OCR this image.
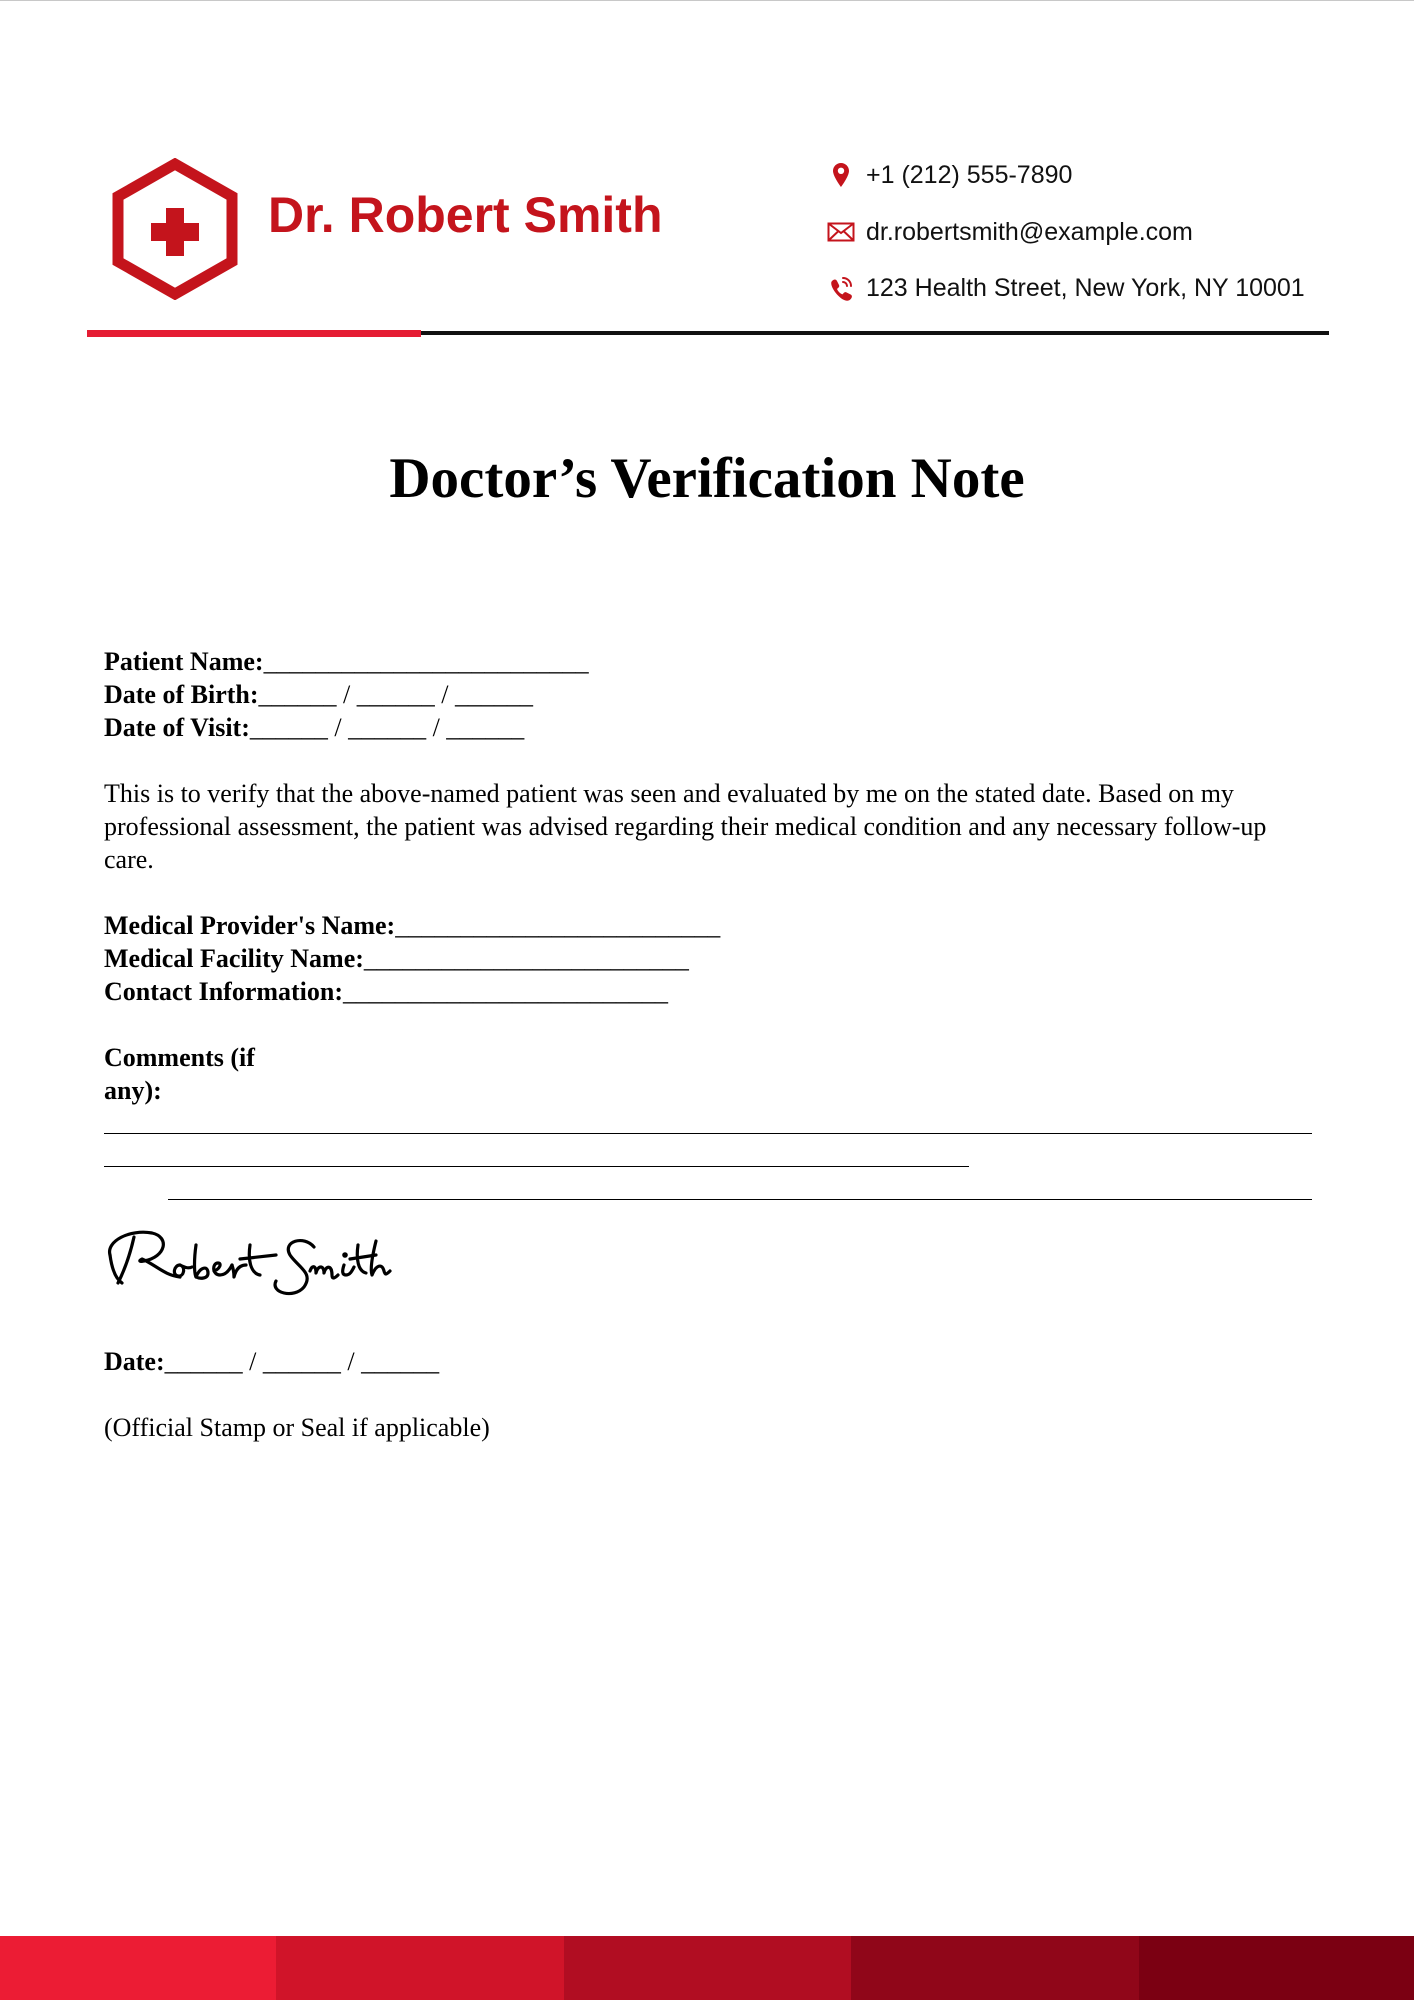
Dr. Robert Smith
+1 (212) 555-7890
dr.robertsmith@example.com
123 Health Street, New York, NY 10001
Doctor’s Verification Note

Patient Name:_________________________

Date of Birth:______ / ______ / ______

Date of Visit:______ / ______ / ______

This is to verify that the above-named patient was seen and evaluated by me on the stated date. Based on my professional assessment, the patient was advised regarding their medical condition and any necessary follow-up care.

Medical Provider's Name:_________________________

Medical Facility Name:_________________________

Contact Information:_________________________

Comments (if any):

Date:______ / ______ / ______
(Official Stamp or Seal if applicable)
